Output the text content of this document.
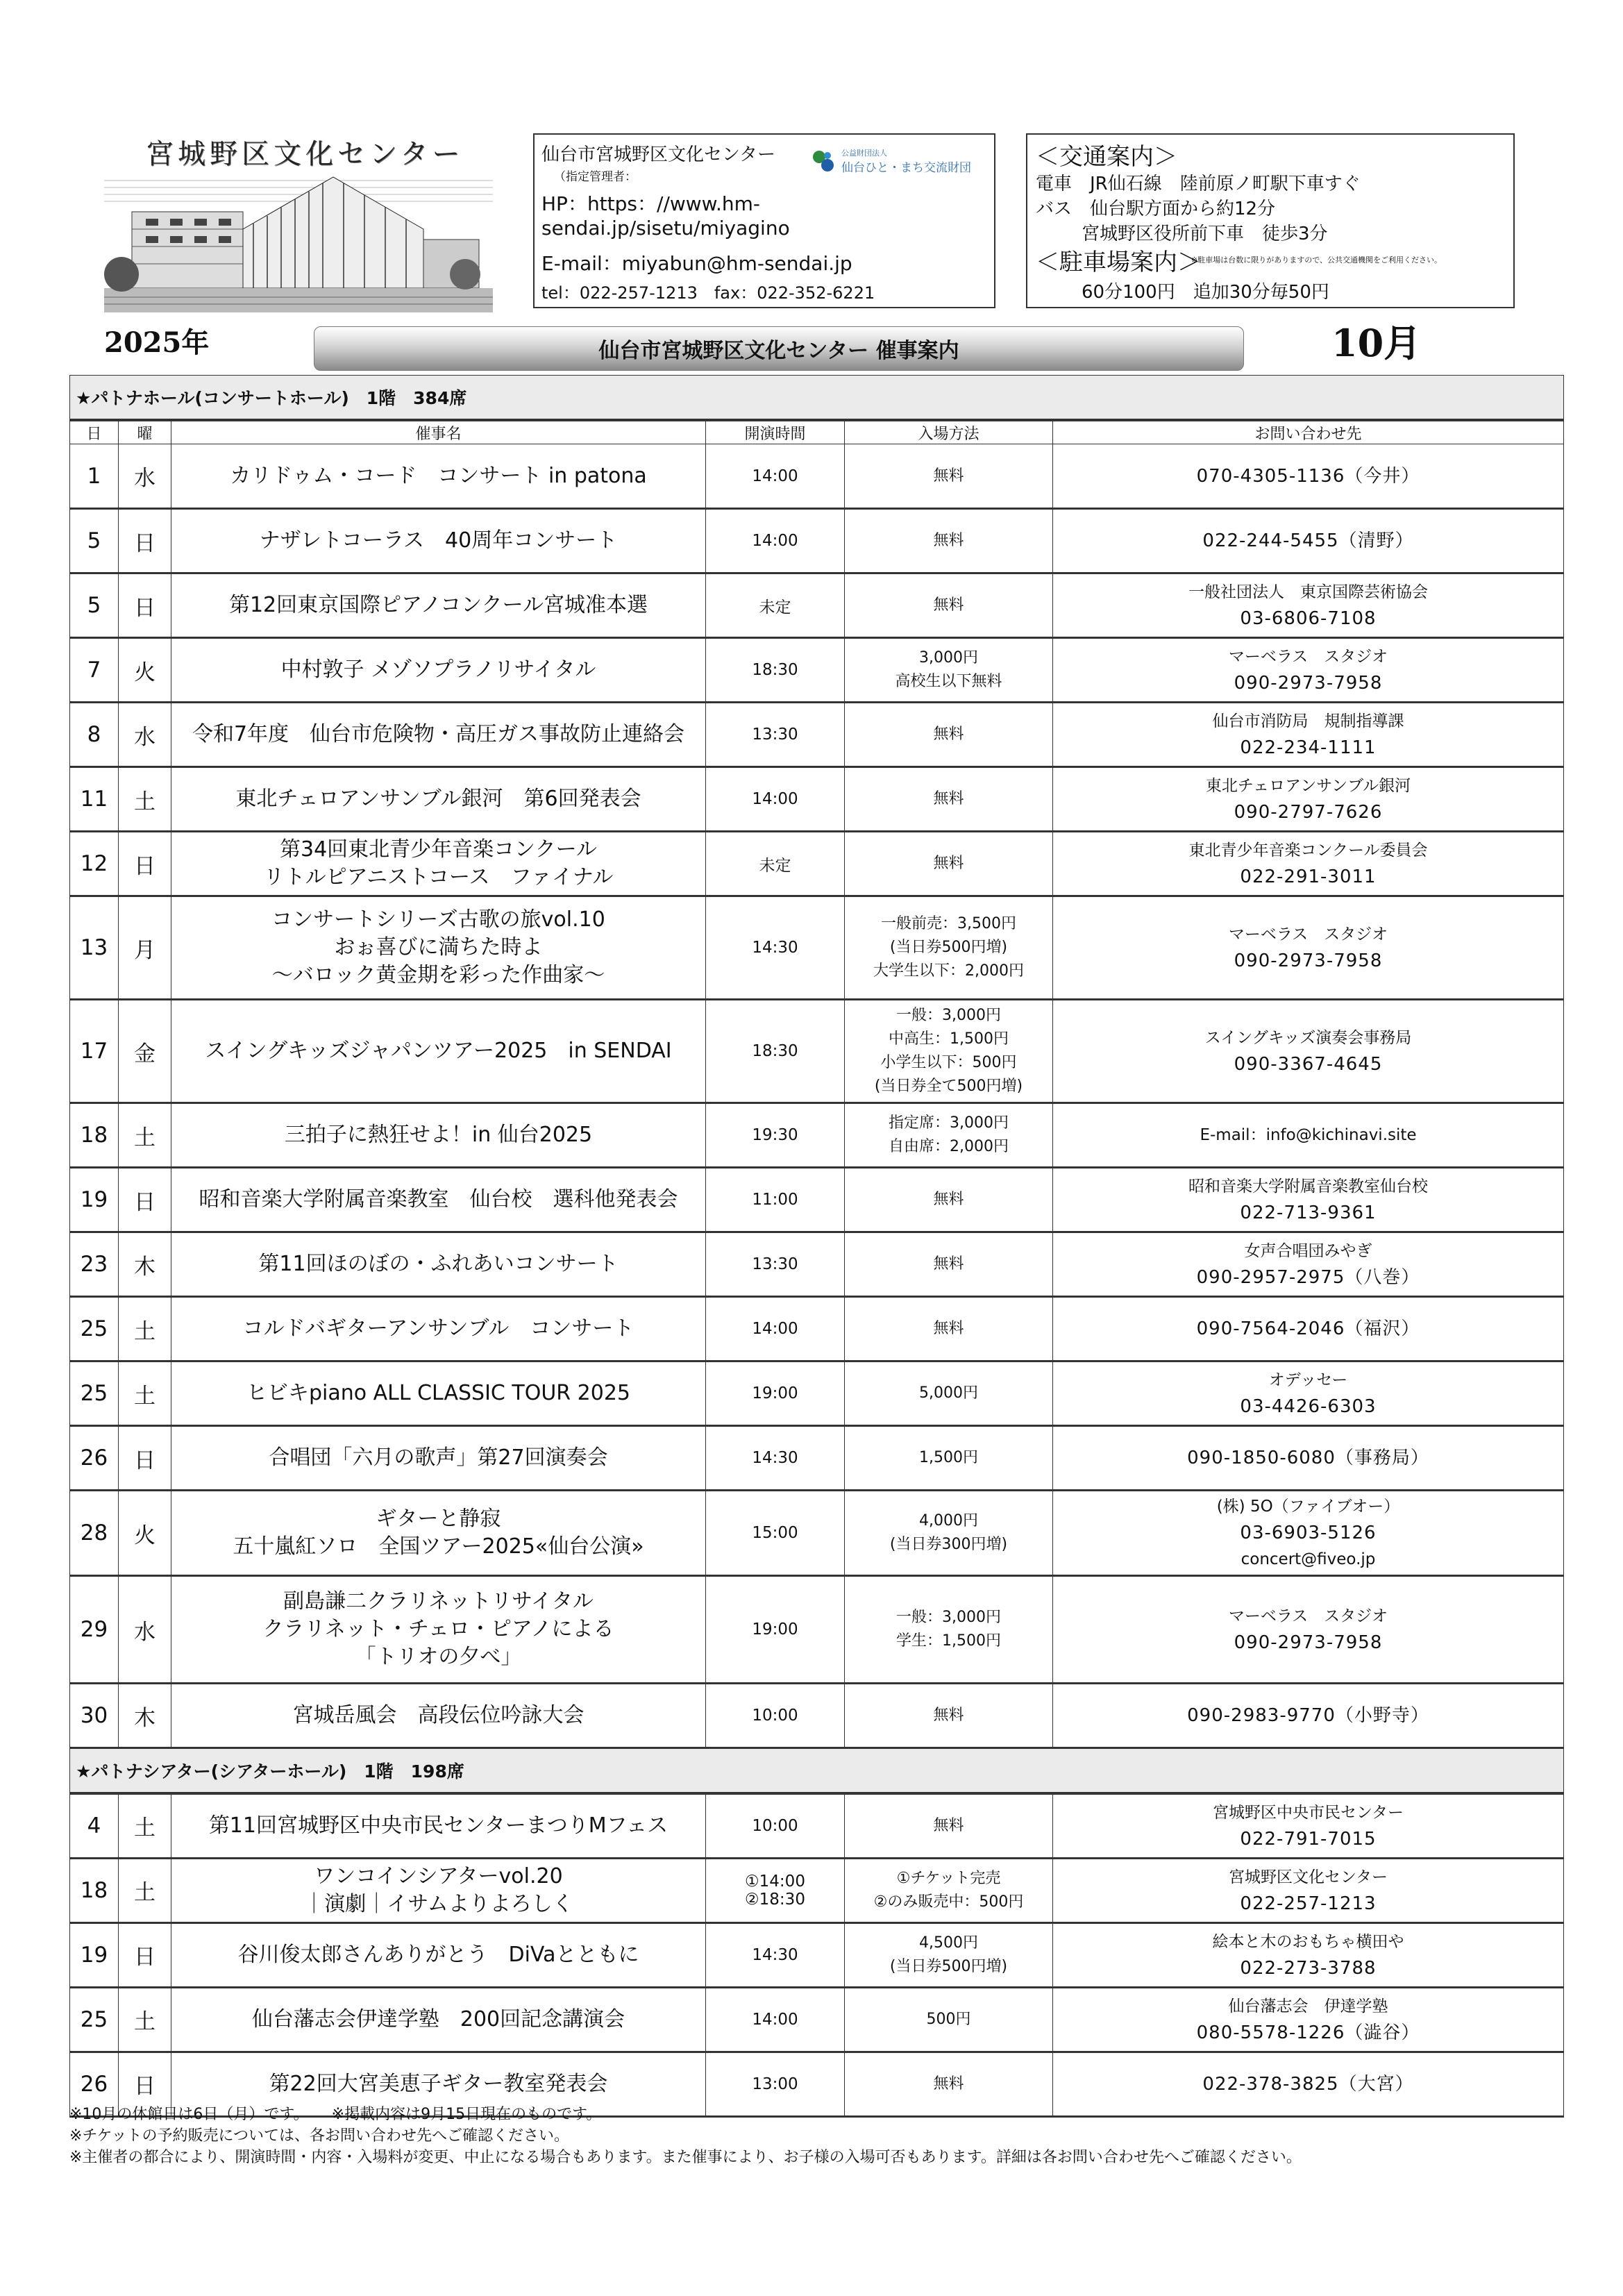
宮城野区文化センター	仙台市宮城野区文化センター
（指定管理者：
公益財団法人
仙台ひと・まち交流財団
HP：https：//www.hm-
sendai.jp/sisetu/miyagino
E-mail：miyabun@hm-sendai.jp
tel：022-257-1213　fax：022-352-6221
＜交通案内＞
電車　JR仙石線　陸前原ノ町駅下車すぐ
バス　仙台駅方面から約12分
宮城野区役所前下車　徒歩3分
＜駐車場案内＞
※駐車場は台数に限りがありますので、公共交通機関をご利用ください。
60分100円　追加30分毎50円
2025年	仙台市宮城野区文化センター 催事案内	10月
★パトナホール(コンサートホール)　1階　384席					
日	曜	催事名	開演時間	入場方法	お問い合わせ先
1	水	カリドゥム・コード　コンサート in patona	14:00	無料	070-4305-1136（今井）

5	日	ナザレトコーラス　40周年コンサート	14:00	無料	022-244-5455（清野）

5	日	第12回東京国際ピアノコンクール宮城准本選	未定	無料	一般社団法人　東京国際芸術協会
03-6806-7108

7	火	中村敦子 メゾソプラノリサイタル	18:30	3,000円
高校生以下無料	マーベラス　スタジオ
090-2973-7958

8	水	令和7年度　仙台市危険物・高圧ガス事故防止連絡会	13:30	無料	仙台市消防局　規制指導課
022-234-1111

11	土	東北チェロアンサンブル銀河　第6回発表会	14:00	無料	東北チェロアンサンブル銀河
090-2797-7626

12	日	第34回東北青少年音楽コンクール
リトルピアニストコース　ファイナル	未定	無料	東北青少年音楽コンクール委員会
022-291-3011

13	月	コンサートシリーズ古歌の旅vol.10
おぉ喜びに満ちた時よ
～バロック黄金期を彩った作曲家～	14:30	一般前売：3,500円
(当日券500円増)
大学生以下：2,000円	マーベラス　スタジオ
090-2973-7958

17	金	スイングキッズジャパンツアー2025　in SENDAI	18:30	一般：3,000円
中高生：1,500円
小学生以下：500円
(当日券全て500円増)	スイングキッズ演奏会事務局
090-3367-4645

18	土	三拍子に熱狂せよ！in 仙台2025	19:30	指定席：3,000円
自由席：2,000円	E-mail：info@kichinavi.site

19	日	昭和音楽大学附属音楽教室　仙台校　選科他発表会	11:00	無料	昭和音楽大学附属音楽教室仙台校
022-713-9361

23	木	第11回ほのぼの・ふれあいコンサート	13:30	無料	女声合唱団みやぎ
090-2957-2975（八巻）

25	土	コルドバギターアンサンブル　コンサート	14:00	無料	090-7564-2046（福沢）

25	土	ヒビキpiano ALL CLASSIC TOUR 2025	19:00	5,000円	オデッセー
03-4426-6303

26	日	合唱団「六月の歌声」第27回演奏会	14:30	1,500円	090-1850-6080（事務局）

28	火	ギターと静寂
五十嵐紅ソロ　全国ツアー2025«仙台公演»	15:00	4,000円
(当日券300円増)	(株) 5O（ファイブオー）
03-6903-5126
concert@fiveo.jp

29	水	副島謙二クラリネットリサイタル
クラリネット・チェロ・ピアノによる
「トリオの夕べ」	19:00	一般：3,000円
学生：1,500円	マーベラス　スタジオ
090-2973-7958

30	木	宮城岳風会　高段伝位吟詠大会	10:00	無料	090-2983-9770（小野寺）

★パトナシアター(シアターホール)　1階　198席					
4	土	第11回宮城野区中央市民センターまつりMフェス	10:00	無料	宮城野区中央市民センター
022-791-7015

18	土	ワンコインシアターvol.20
｜演劇｜イサムよりよろしく	①14:00
②18:30	①チケット完売
②のみ販売中：500円	宮城野区文化センター
022-257-1213

19	日	谷川俊太郎さんありがとう　DiVaとともに	14:30	4,500円
(当日券500円増)	絵本と木のおもちゃ横田や
022-273-3788

25	土	仙台藩志会伊達学塾　200回記念講演会	14:00	500円	仙台藩志会　伊達学塾
080-5578-1226（澁谷）

26	日	第22回大宮美恵子ギター教室発表会	13:00	無料	022-378-3825（大宮）
※10月の休館日は6日（月）です。　　※掲載内容は9月15日現在のものです。
※チケットの予約販売については、各お問い合わせ先へご確認ください。
※主催者の都合により、開演時間・内容・入場料が変更、中止になる場合もあります。また催事により、お子様の入場可否もあります。詳細は各お問い合わせ先へご確認ください。
